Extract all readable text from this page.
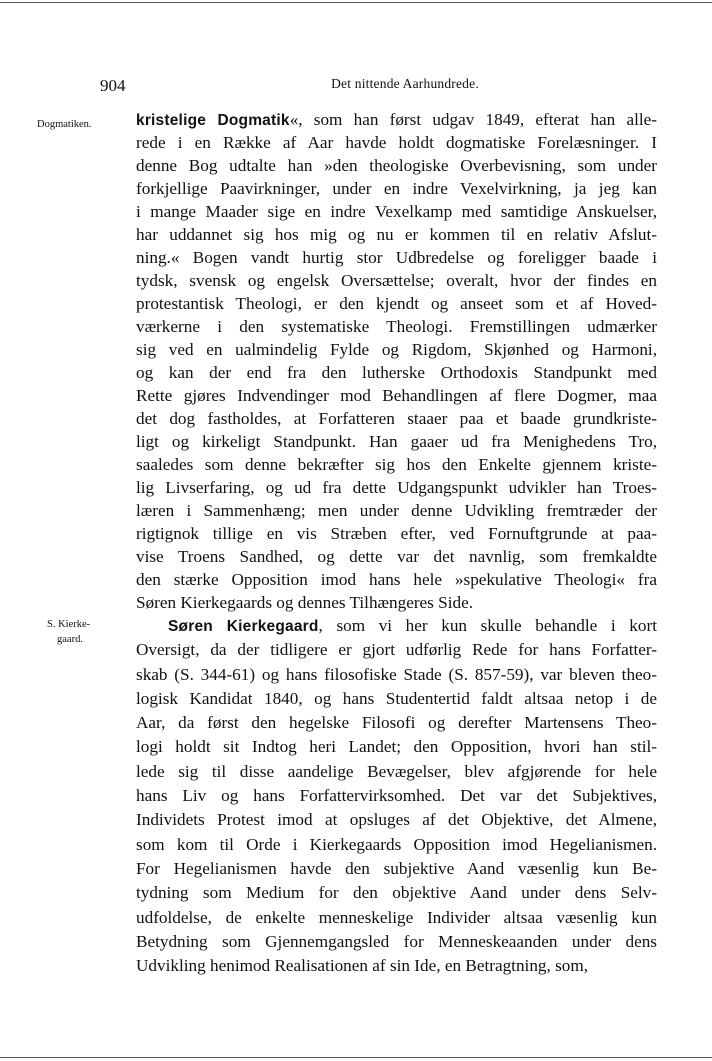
904	Det nittende Aarhundrede.
Dogmatiken.
S. Kierke-
gaard.
kristelige Dogmatik«, som han først udgav 1849, efterat han alle-
rede i en Række af Aar havde holdt dogmatiske Forelæsninger. I
denne Bog udtalte han »den theologiske Overbevisning, som under
forkjellige Paavirkninger, under en indre Vexelvirkning, ja jeg kan
i mange Maader sige en indre Vexelkamp med samtidige Anskuelser,
har uddannet sig hos mig og nu er kommen til en relativ Afslut-
ning.« Bogen vandt hurtig stor Udbredelse og foreligger baade i
tydsk, svensk og engelsk Oversættelse; overalt, hvor der findes en
protestantisk Theologi, er den kjendt og anseet som et af Hoved-
værkerne i den systematiske Theologi. Fremstillingen udmærker
sig ved en ualmindelig Fylde og Rigdom, Skjønhed og Harmoni,
og kan der end fra den lutherske Orthodoxis Standpunkt med
Rette gjøres Indvendinger mod Behandlingen af flere Dogmer, maa
det dog fastholdes, at Forfatteren staaer paa et baade grundkriste-
ligt og kirkeligt Standpunkt. Han gaaer ud fra Menighedens Tro,
saaledes som denne bekræfter sig hos den Enkelte gjennem kriste-
lig Livserfaring, og ud fra dette Udgangspunkt udvikler han Troes-
læren i Sammenhæng; men under denne Udvikling fremtræder der
rigtignok tillige en vis Stræben efter, ved Fornuftgrunde at paa-
vise Troens Sandhed, og dette var det navnlig, som fremkaldte
den stærke Opposition imod hans hele »spekulative Theologi« fra
Søren Kierkegaards og dennes Tilhængeres Side.
Søren Kierkegaard, som vi her kun skulle behandle i kort
Oversigt, da der tidligere er gjort udførlig Rede for hans Forfatter-
skab (S. 344-61) og hans filosofiske Stade (S. 857-59), var bleven theo-
logisk Kandidat 1840, og hans Studentertid faldt altsaa netop i de
Aar, da først den hegelske Filosofi og derefter Martensens Theo-
logi holdt sit Indtog heri Landet; den Opposition, hvori han stil-
lede sig til disse aandelige Bevægelser, blev afgjørende for hele
hans Liv og hans Forfattervirksomhed. Det var det Subjektives,
Individets Protest imod at opsluges af det Objektive, det Almene,
som kom til Orde i Kierkegaards Opposition imod Hegelianismen.
For Hegelianismen havde den subjektive Aand væsenlig kun Be-
tydning som Medium for den objektive Aand under dens Selv-
udfoldelse, de enkelte menneskelige Individer altsaa væsenlig kun
Betydning som Gjennemgangsled for Menneskeaanden under dens
Udvikling henimod Realisationen af sin Ide, en Betragtning, som,
